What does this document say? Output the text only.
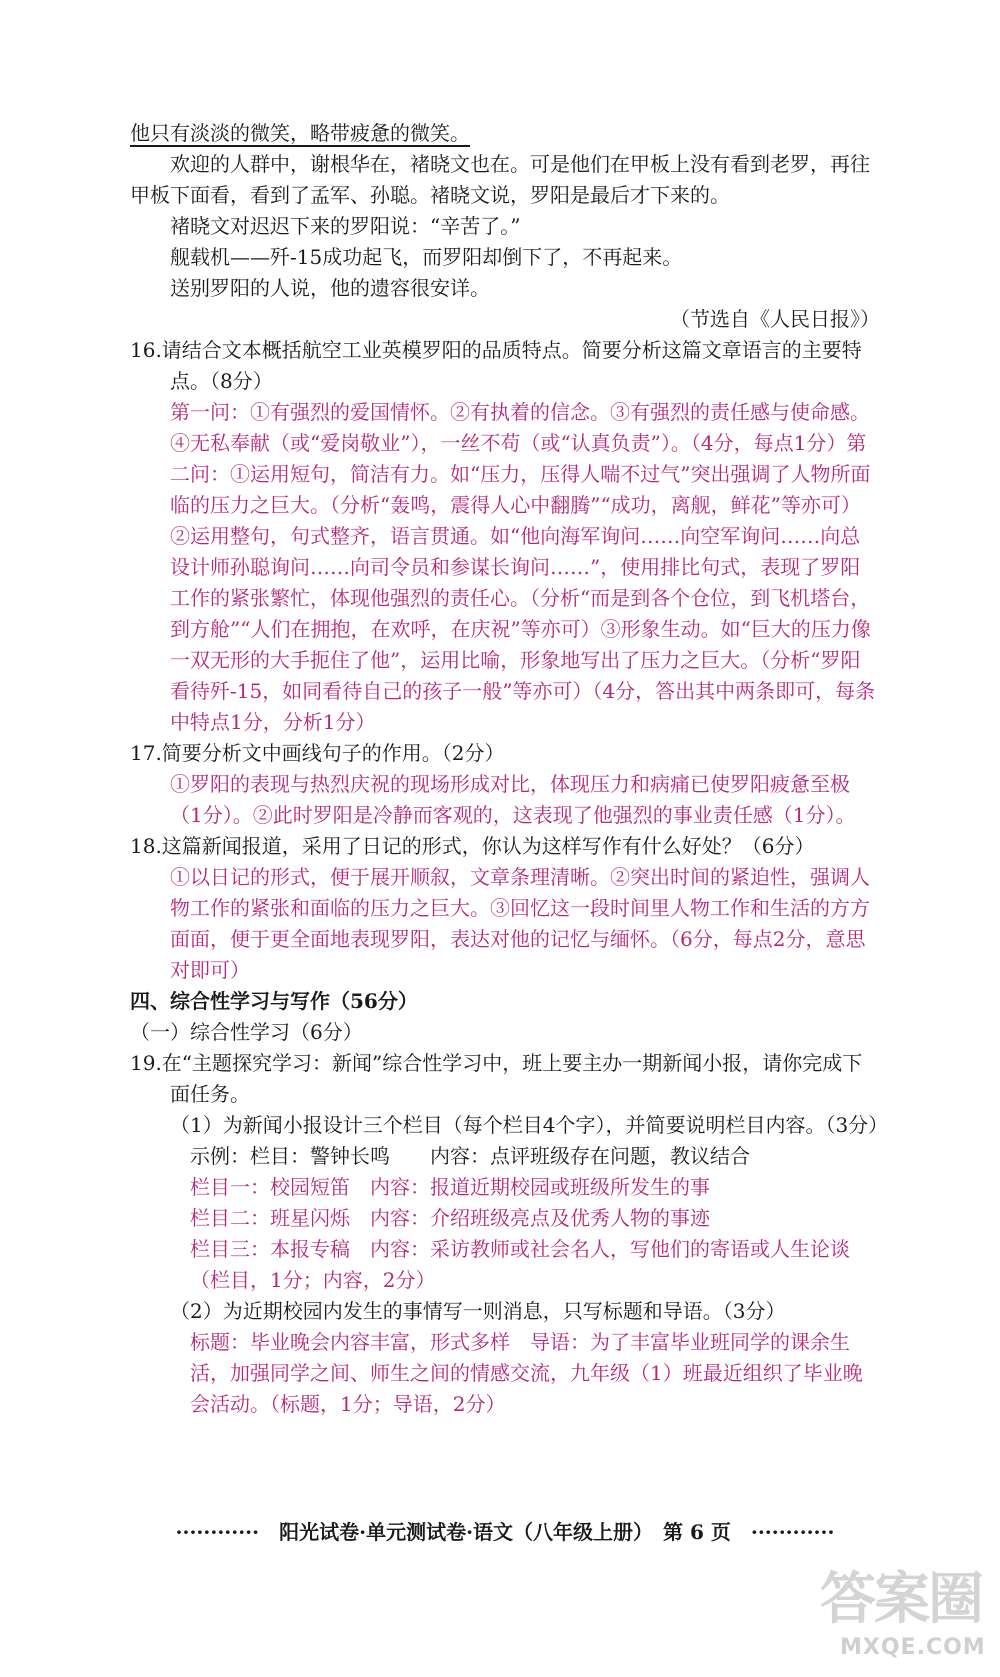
他只有淡淡的微笑，略带疲惫的微笑。

欢迎的人群中，谢根华在，褚晓文也在。可是他们在甲板上没有看到老罗，再往甲板下面看，看到了孟军、孙聪。褚晓文说，罗阳是最后才下来的。

褚晓文对迟迟下来的罗阳说：“辛苦了。”

舰载机——歼-15成功起飞，而罗阳却倒下了，不再起来。

送别罗阳的人说，他的遗容很安详。

（节选自《人民日报》）

16.请结合文本概括航空工业英模罗阳的品质特点。简要分析这篇文章语言的主要特点。（8分）

第一问：①有强烈的爱国情怀。②有执着的信念。③有强烈的责任感与使命感。④无私奉献（或“爱岗敬业”），一丝不苟（或“认真负责”）。（4分，每点1分）第二问：①运用短句，简洁有力。如“压力，压得人喘不过气”突出强调了人物所面临的压力之巨大。（分析“轰鸣，震得人心中翻腾”“成功，离舰，鲜花”等亦可）②运用整句，句式整齐，语言贯通。如“他向海军询问……向空军询问……向总设计师孙聪询问……向司令员和参谋长询问……”，使用排比句式，表现了罗阳工作的紧张繁忙，体现他强烈的责任心。（分析“而是到各个仓位，到飞机塔台，到方舱”“人们在拥抱，在欢呼，在庆祝”等亦可）③形象生动。如“巨大的压力像一双无形的大手扼住了他”，运用比喻，形象地写出了压力之巨大。（分析“罗阳看待歼-15，如同看待自己的孩子一般”等亦可）（4分，答出其中两条即可，每条中特点1分，分析1分）

17.简要分析文中画线句子的作用。（2分）

①罗阳的表现与热烈庆祝的现场形成对比，体现压力和病痛已使罗阳疲惫至极（1分）。②此时罗阳是冷静而客观的，这表现了他强烈的事业责任感（1分）。

18.这篇新闻报道，采用了日记的形式，你认为这样写作有什么好处？（6分）

①以日记的形式，便于展开顺叙，文章条理清晰。②突出时间的紧迫性，强调人物工作的紧张和面临的压力之巨大。③回忆这一段时间里人物工作和生活的方方面面，便于更全面地表现罗阳，表达对他的记忆与缅怀。（6分，每点2分，意思对即可）

四、综合性学习与写作（56分）

（一）综合性学习（6分）

19.在“主题探究学习：新闻”综合性学习中，班上要主办一期新闻小报，请你完成下面任务。

（1）为新闻小报设计三个栏目（每个栏目4个字），并简要说明栏目内容。（3分）

示例：栏目：警钟长鸣　　内容：点评班级存在问题，教议结合

栏目一：校园短笛　内容：报道近期校园或班级所发生的事

栏目二：班星闪烁　内容：介绍班级亮点及优秀人物的事迹

栏目三：本报专稿　内容：采访教师或社会名人，写他们的寄语或人生论谈（栏目，1分；内容，2分）

（2）为近期校园内发生的事情写一则消息，只写标题和导语。（3分）

标题：毕业晚会内容丰富，形式多样　导语：为了丰富毕业班同学的课余生活，加强同学之间、师生之间的情感交流，九年级（1）班最近组织了毕业晚会活动。（标题，1分；导语，2分）

············　阳光试卷·单元测试卷·语文（八年级上册）　第 6 页　············
答案圈
MXQE.COM
